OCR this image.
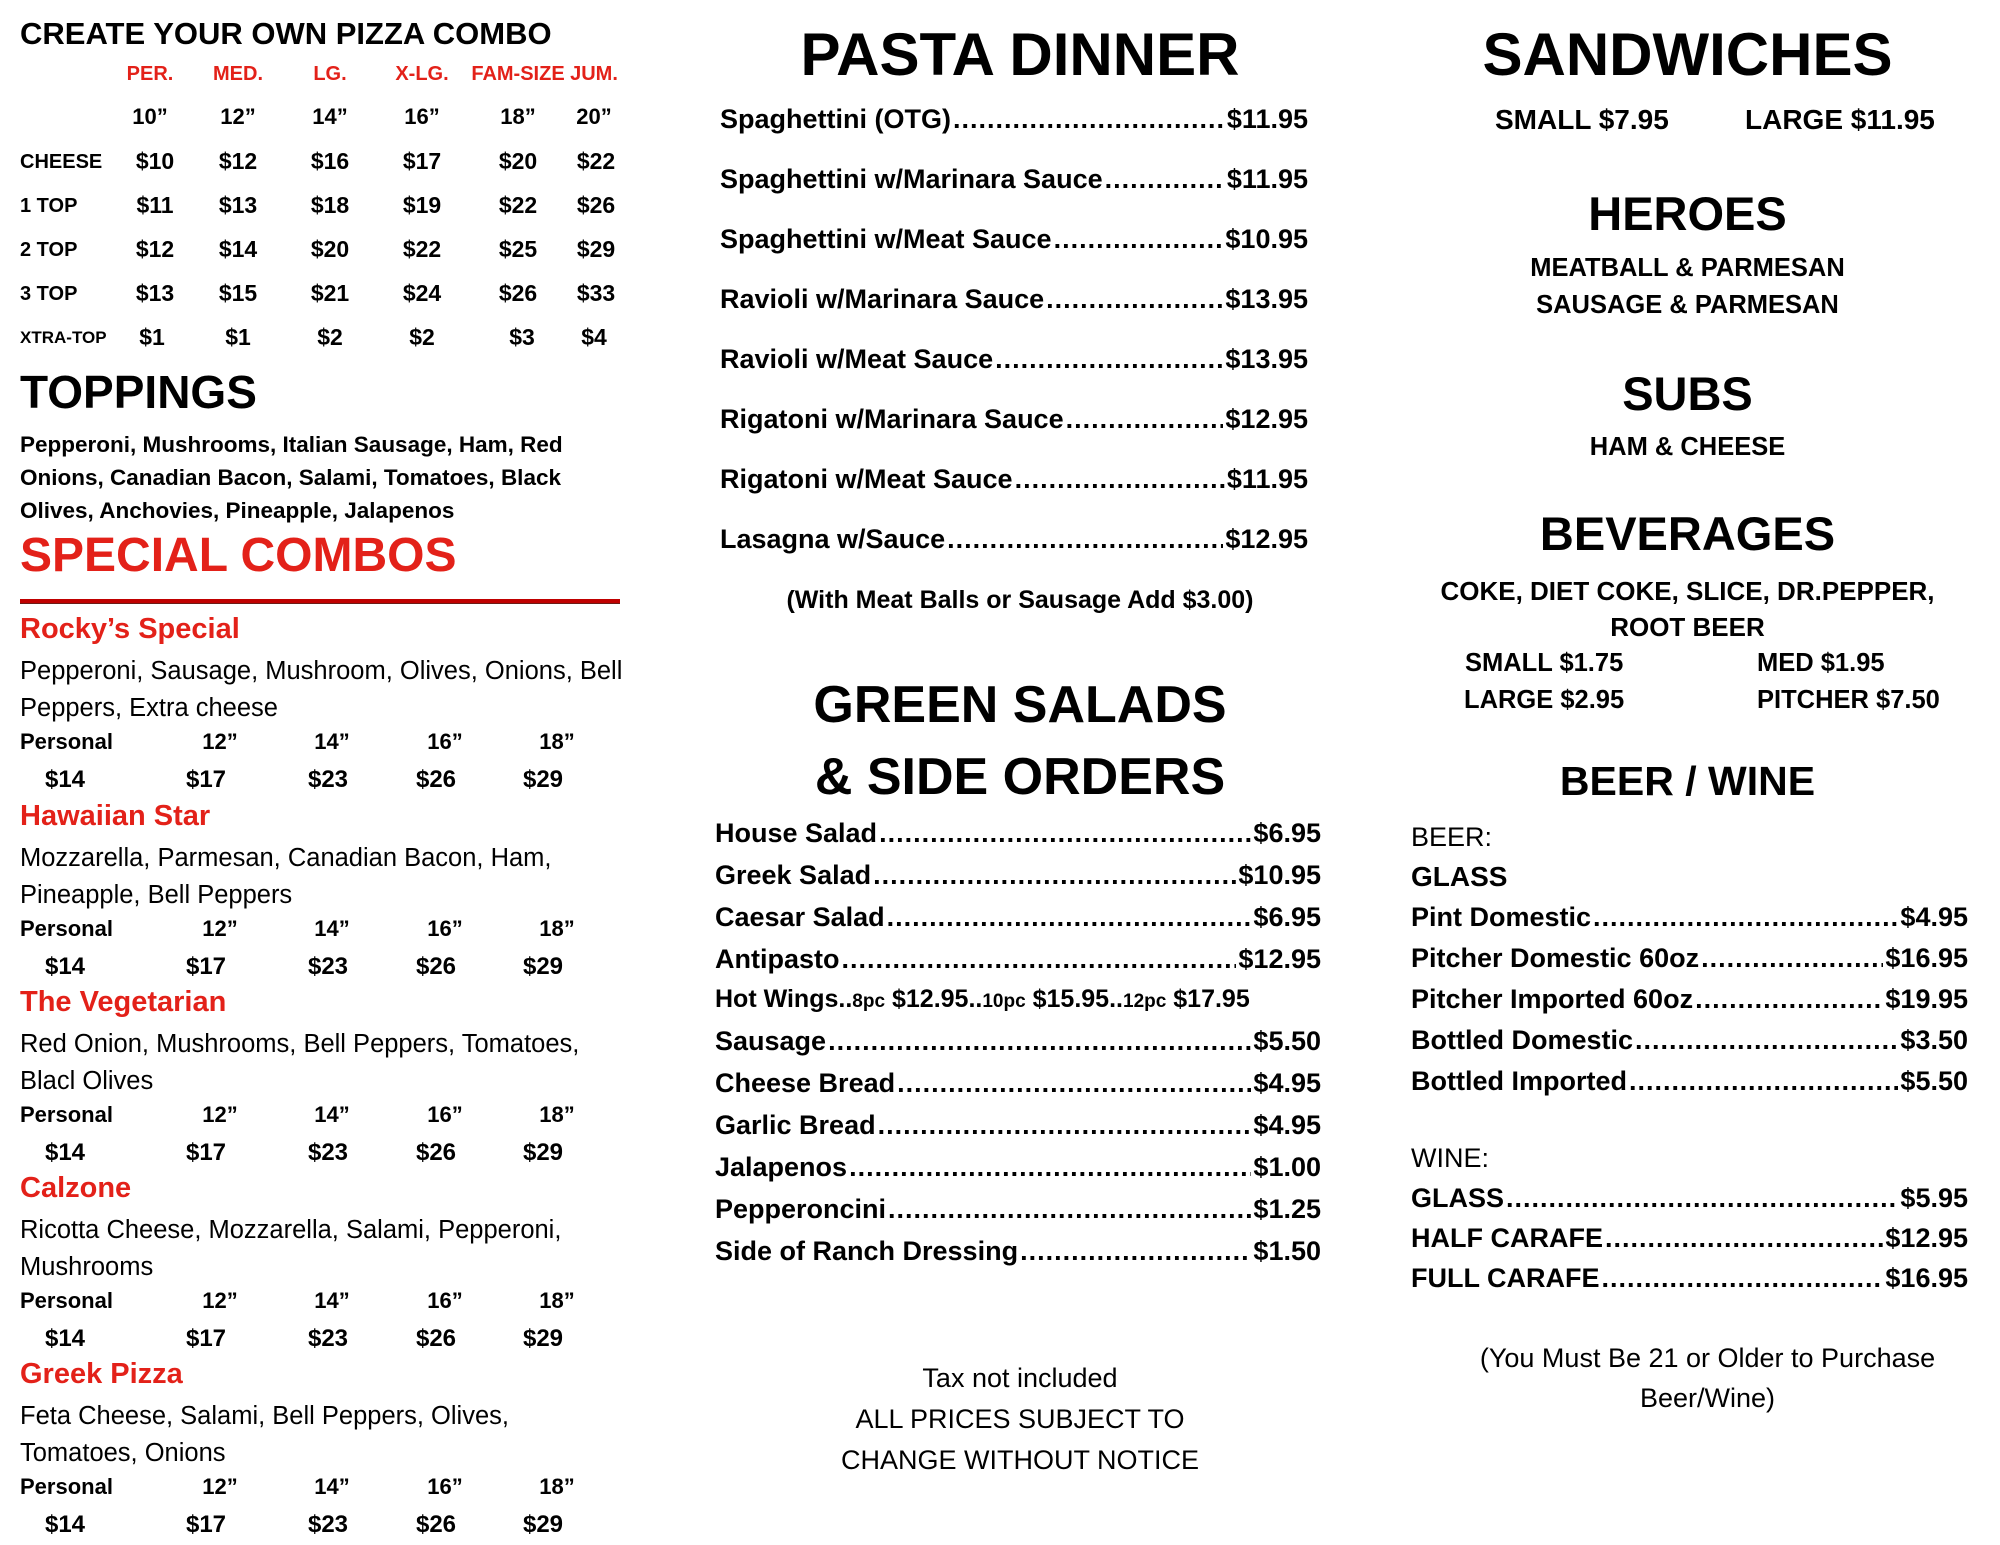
CREATE YOUR OWN PIZZA COMBO
PER.	MED.	LG.	X-LG.	FAM-SIZE JUM.
10”	12”	14”	16”	18”	20”
CHEESE	$10	$12	$16	$17	$20	$22
1 TOP	$11	$13	$18	$19	$22	$26
2 TOP	$12	$14	$20	$22	$25	$29
3 TOP	$13	$15	$21	$24	$26	$33
XTRA-TOP	$1	$1	$2	$2	$3	$4
TOPPINGS
Pepperoni, Mushrooms, Italian Sausage, Ham, Red Onions, Canadian Bacon, Salami, Tomatoes, Black Olives, Anchovies, Pineapple, Jalapenos
SPECIAL COMBOS
Rocky’s Special
Pepperoni, Sausage, Mushroom, Olives, Onions, Bell Peppers, Extra cheese
Personal	12”	14”	16”	18”
$14	$17	$23	$26	$29
Hawaiian Star
Mozzarella, Parmesan, Canadian Bacon, Ham, Pineapple, Bell Peppers
Personal	12”	14”	16”	18”
$14	$17	$23	$26	$29
The Vegetarian
Red Onion, Mushrooms, Bell Peppers, Tomatoes, Blacl Olives
Personal	12”	14”	16”	18”
$14	$17	$23	$26	$29
Calzone
Ricotta Cheese, Mozzarella, Salami, Pepperoni, Mushrooms
Personal	12”	14”	16”	18”
$14	$17	$23	$26	$29
Greek Pizza
Feta Cheese, Salami, Bell Peppers, Olives, Tomatoes, Onions
Personal	12”	14”	16”	18”
$14	$17	$23	$26	$29
PASTA DINNER
Spaghettini (OTG) .....	$11.95
Spaghettini w/Marinara Sauce .....	$11.95
Spaghettini w/Meat Sauce .....	$10.95
Ravioli w/Marinara Sauce .....	$13.95
Ravioli w/Meat Sauce .....	$13.95
Rigatoni w/Marinara Sauce .....	$12.95
Rigatoni w/Meat Sauce .....	$11.95
Lasagna w/Sauce .....	$12.95
(With Meat Balls or Sausage Add $3.00)
GREEN SALADS
& SIDE ORDERS
House Salad .....	$6.95
Greek Salad .....	$10.95
Caesar Salad .....	$6.95
Antipasto .....	$12.95
Hot Wings..8pc $12.95..10pc $15.95..12pc $17.95
Sausage .....	$5.50
Cheese Bread .....	$4.95
Garlic Bread .....	$4.95
Jalapenos .....	$1.00
Pepperoncini .....	$1.25
Side of Ranch Dressing .....	$1.50
Tax not included
ALL PRICES SUBJECT TO
CHANGE WITHOUT NOTICE
SANDWICHES
SMALL $7.95	LARGE $11.95
HEROES
MEATBALL & PARMESAN
SAUSAGE & PARMESAN
SUBS
HAM & CHEESE
BEVERAGES
COKE, DIET COKE, SLICE, DR.PEPPER,
ROOT BEER
SMALL $1.75	MED $1.95
LARGE $2.95	PITCHER $7.50
BEER / WINE
BEER:
GLASS
Pint Domestic .....	$4.95
Pitcher Domestic 60oz .....	$16.95
Pitcher Imported 60oz .....	$19.95
Bottled Domestic .....	$3.50
Bottled Imported .....	$5.50
WINE:
GLASS .....	$5.95
HALF CARAFE .....	$12.95
FULL CARAFE .....	$16.95
(You Must Be 21 or Older to Purchase Beer/Wine)
